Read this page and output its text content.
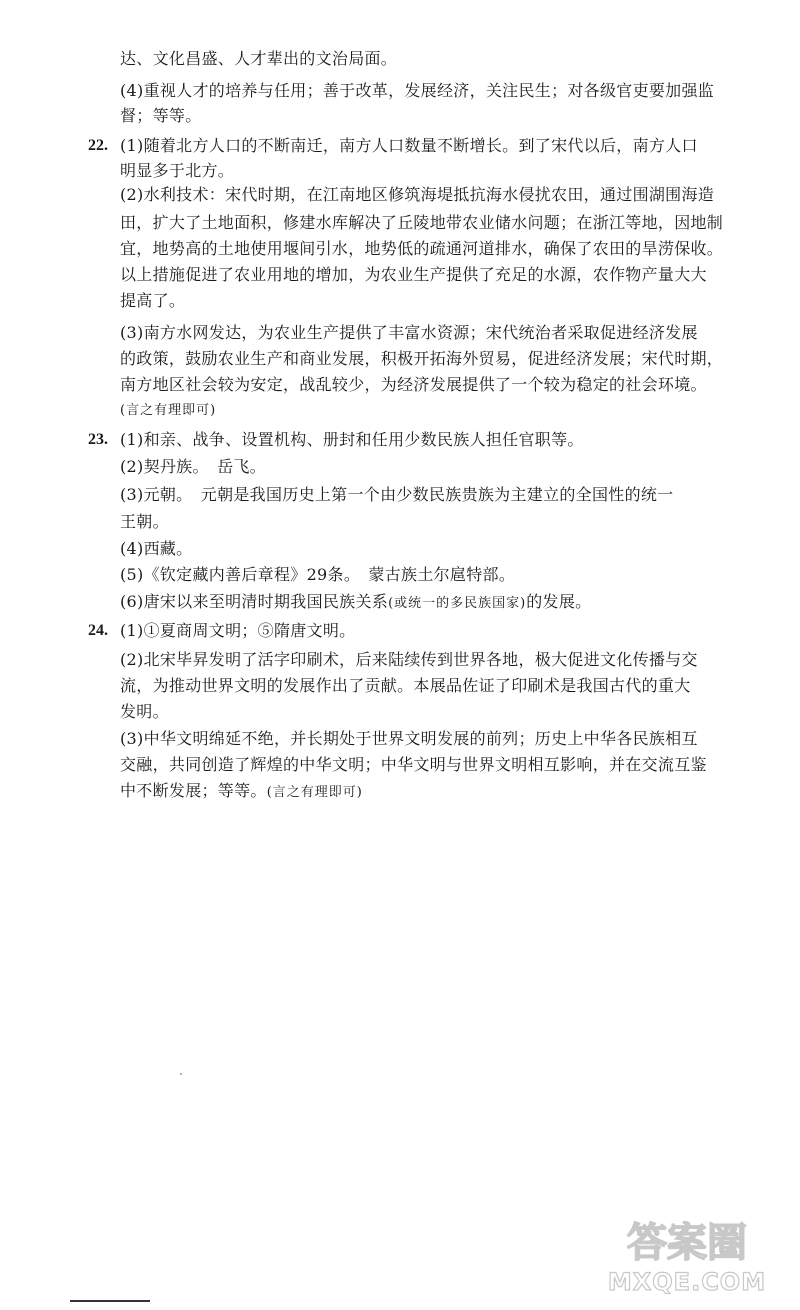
达、文化昌盛、人才辈出的文治局面。
(4)重视人才的培养与任用；善于改革，发展经济，关注民生；对各级官吏要加强监
督；等等。
22. (1)随着北方人口的不断南迁，南方人口数量不断增长。到了宋代以后，南方人口
明显多于北方。
(2)水利技术：宋代时期，在江南地区修筑海堤抵抗海水侵扰农田，通过围湖围海造
田，扩大了土地面积，修建水库解决了丘陵地带农业储水问题；在浙江等地，因地制
宜，地势高的土地使用堰间引水，地势低的疏通河道排水，确保了农田的旱涝保收。
以上措施促进了农业用地的增加，为农业生产提供了充足的水源，农作物产量大大
提高了。
(3)南方水网发达，为农业生产提供了丰富水资源；宋代统治者采取促进经济发展
的政策，鼓励农业生产和商业发展，积极开拓海外贸易，促进经济发展；宋代时期，
南方地区社会较为安定，战乱较少，为经济发展提供了一个较为稳定的社会环境。
(言之有理即可)
23. (1)和亲、战争、设置机构、册封和任用少数民族人担任官职等。
(2)契丹族。　岳飞。
(3)元朝。　元朝是我国历史上第一个由少数民族贵族为主建立的全国性的统一
王朝。
(4)西藏。
(5)《钦定藏内善后章程》29条。　蒙古族土尔扈特部。
(6)唐宋以来至明清时期我国民族关系(或统一的多民族国家)的发展。
24. (1)①夏商周文明；⑤隋唐文明。
(2)北宋毕昇发明了活字印刷术，后来陆续传到世界各地，极大促进文化传播与交
流，为推动世界文明的发展作出了贡献。本展品佐证了印刷术是我国古代的重大
发明。
(3)中华文明绵延不绝，并长期处于世界文明发展的前列；历史上中华各民族相互
交融，共同创造了辉煌的中华文明；中华文明与世界文明相互影响，并在交流互鉴
中不断发展；等等。(言之有理即可)
答案圈
MXQE.COM
